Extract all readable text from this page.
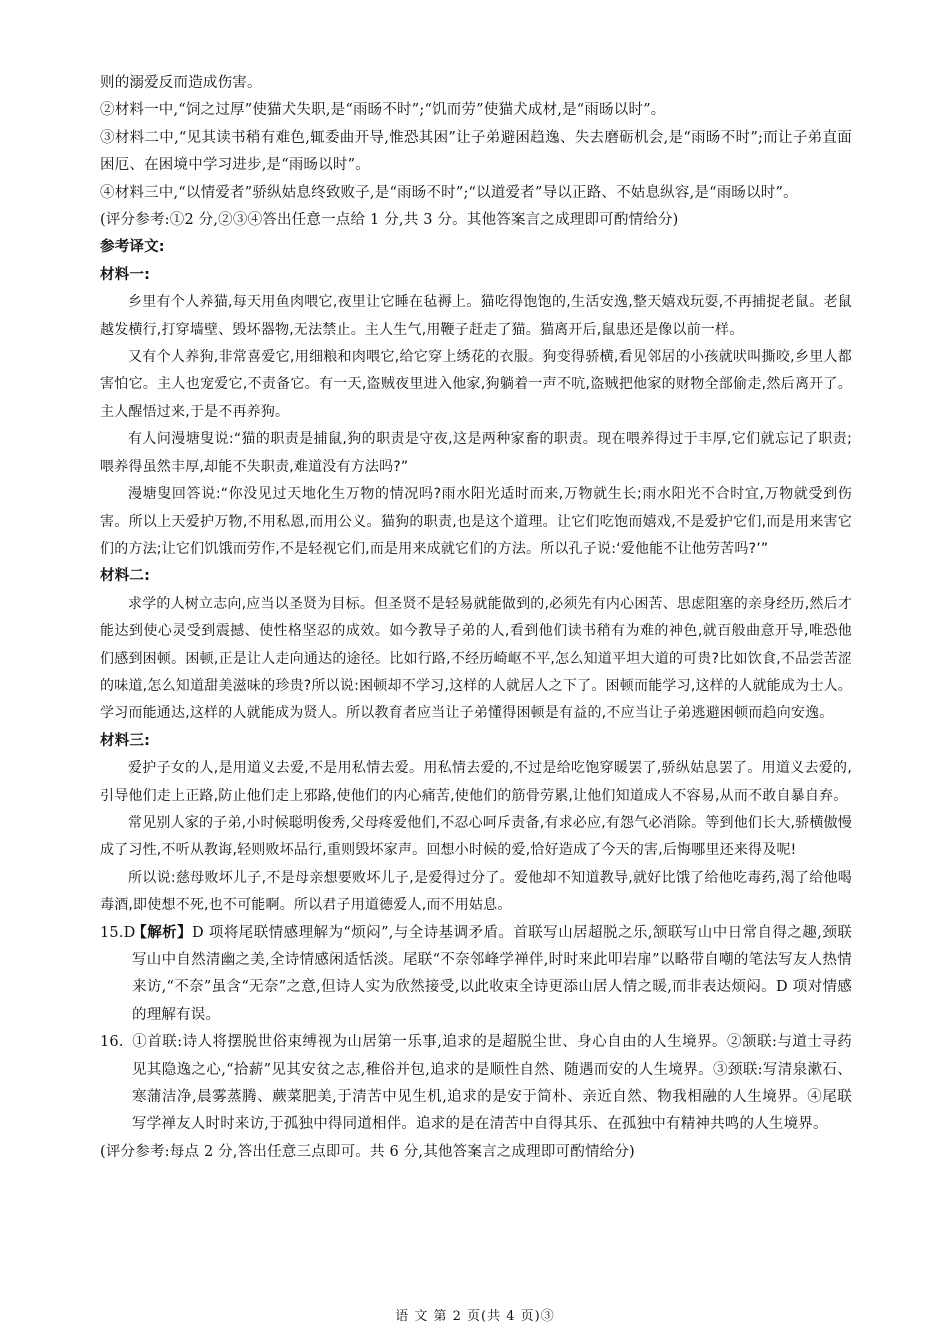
则的溺爱反而造成伤害。

②材料一中,“饲之过厚”使猫犬失职,是“雨旸不时”;“饥而劳”使猫犬成材,是“雨旸以时”。

③材料二中,“见其读书稍有难色,辄委曲开导,惟恐其困”让子弟避困趋逸、失去磨砺机会,是“雨旸不时”;而让子弟直面困厄、在困境中学习进步,是“雨旸以时”。

④材料三中,“以情爱者”骄纵姑息终致败子,是“雨旸不时”;“以道爱者”导以正路、不姑息纵容,是“雨旸以时”。

(评分参考:①2 分,②③④答出任意一点给 1 分,共 3 分。其他答案言之成理即可酌情给分)

参考译文:

材料一:

乡里有个人养猫,每天用鱼肉喂它,夜里让它睡在毡褥上。猫吃得饱饱的,生活安逸,整天嬉戏玩耍,不再捕捉老鼠。老鼠越发横行,打穿墙壁、毁坏器物,无法禁止。主人生气,用鞭子赶走了猫。猫离开后,鼠患还是像以前一样。

又有个人养狗,非常喜爱它,用细粮和肉喂它,给它穿上绣花的衣服。狗变得骄横,看见邻居的小孩就吠叫撕咬,乡里人都害怕它。主人也宠爱它,不责备它。有一天,盗贼夜里进入他家,狗躺着一声不吭,盗贼把他家的财物全部偷走,然后离开了。主人醒悟过来,于是不再养狗。

有人问漫塘叟说:“猫的职责是捕鼠,狗的职责是守夜,这是两种家畜的职责。现在喂养得过于丰厚,它们就忘记了职责;喂养得虽然丰厚,却能不失职责,难道没有方法吗?”

漫塘叟回答说:“你没见过天地化生万物的情况吗?雨水阳光适时而来,万物就生长;雨水阳光不合时宜,万物就受到伤害。所以上天爱护万物,不用私恩,而用公义。猫狗的职责,也是这个道理。让它们吃饱而嬉戏,不是爱护它们,而是用来害它们的方法;让它们饥饿而劳作,不是轻视它们,而是用来成就它们的方法。所以孔子说:‘爱他能不让他劳苦吗?’”

材料二:

求学的人树立志向,应当以圣贤为目标。但圣贤不是轻易就能做到的,必须先有内心困苦、思虑阻塞的亲身经历,然后才能达到使心灵受到震撼、使性格坚忍的成效。如今教导子弟的人,看到他们读书稍有为难的神色,就百般曲意开导,唯恐他们感到困顿。困顿,正是让人走向通达的途径。比如行路,不经历崎岖不平,怎么知道平坦大道的可贵?比如饮食,不品尝苦涩的味道,怎么知道甜美滋味的珍贵?所以说:困顿却不学习,这样的人就居人之下了。困顿而能学习,这样的人就能成为士人。学习而能通达,这样的人就能成为贤人。所以教育者应当让子弟懂得困顿是有益的,不应当让子弟逃避困顿而趋向安逸。

材料三:

爱护子女的人,是用道义去爱,不是用私情去爱。用私情去爱的,不过是给吃饱穿暖罢了,骄纵姑息罢了。用道义去爱的,引导他们走上正路,防止他们走上邪路,使他们的内心痛苦,使他们的筋骨劳累,让他们知道成人不容易,从而不敢自暴自弃。

常见别人家的子弟,小时候聪明俊秀,父母疼爱他们,不忍心呵斥责备,有求必应,有怨气必消除。等到他们长大,骄横傲慢成了习性,不听从教诲,轻则败坏品行,重则毁坏家声。回想小时候的爱,恰好造成了今天的害,后悔哪里还来得及呢!

所以说:慈母败坏儿子,不是母亲想要败坏儿子,是爱得过分了。爱他却不知道教导,就好比饿了给他吃毒药,渴了给他喝毒酒,即使想不死,也不可能啊。所以君子用道德爱人,而不用姑息。

15.D【解析】D 项将尾联情感理解为“烦闷”,与全诗基调矛盾。首联写山居超脱之乐,颔联写山中日常自得之趣,颈联写山中自然清幽之美,全诗情感闲适恬淡。尾联“不奈邻峰学禅伴,时时来此叩岩扉”以略带自嘲的笔法写友人热情来访,“不奈”虽含“无奈”之意,但诗人实为欣然接受,以此收束全诗更添山居人情之暖,而非表达烦闷。D 项对情感的理解有误。

16. ①首联:诗人将摆脱世俗束缚视为山居第一乐事,追求的是超脱尘世、身心自由的人生境界。②颔联:与道士寻药见其隐逸之心,“拾薪”见其安贫之志,稚俗并包,追求的是顺性自然、随遇而安的人生境界。③颈联:写清泉漱石、寒蒲洁净,晨雾蒸腾、蕨菜肥美,于清苦中见生机,追求的是安于简朴、亲近自然、物我相融的人生境界。④尾联写学禅友人时时来访,于孤独中得同道相伴。追求的是在清苦中自得其乐、在孤独中有精神共鸣的人生境界。

(评分参考:每点 2 分,答出任意三点即可。共 6 分,其他答案言之成理即可酌情给分)

语 文 第 2 页(共 4 页)③
